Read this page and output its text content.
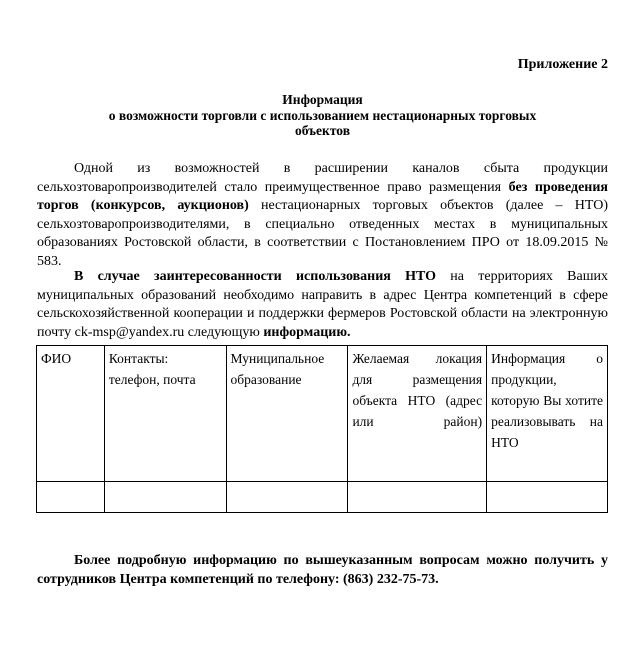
Приложение 2
Информация
о возможности торговли с использованием нестационарных торговых
объектов
Одной из возможностей в расширении каналов сбыта продукции сельхозтоваропроизводителей стало преимущественное право размещения без проведения торгов (конкурсов, аукционов) нестационарных торговых объектов (далее – НТО) сельхозтоваропроизводителями, в специально отведенных местах в муниципальных образованиях Ростовской области, в соответствии с Постановлением ПРО от 18.09.2015 № 583.
В случае заинтересованности использования НТО на территориях Ваших муниципальных образований необходимо направить в адрес Центра компетенций в сфере сельскохозяйственной кооперации и поддержки фермеров Ростовской области на электронную почту ck-msp@yandex.ru следующую информацию.
ФИО	Контакты: телефон, почта	Муниципальное образование	Желаемая локация для размещения объекта НТО (адрес или район)	Информация о продукции, которую Вы хотите реализовывать на НТО

Более подробную информацию по вышеуказанным вопросам можно получить у сотрудников Центра компетенций по телефону: (863) 232-75-73.
